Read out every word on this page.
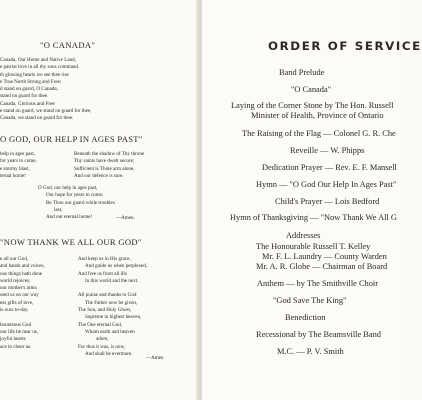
"O CANADA"
Canada, Our Home and Native Land,
e patriot love in all thy sons command.
th glowing hearts we see thee rise
e True North Strong and Free;
d stand on guard, O Canada,
stand on guard for thee.
Canada, Glorious and Free
e stand on guard, we stand on guard for thee,
Canada, we stand on guard for thee.
O GOD, OUR HELP IN AGES PAST"
help in ages past,
for years to come,
e stormy blast,
ternal home!
Beneath the shadow of Thy throne
Thy saints have dwelt secure;
Sufficient is Thine arm alone,
And our defence is sure.
O God, our help in ages past,
Our hope for years to come;
Be Thou our guard while troubles
last,
And our eternal home!	—Amen.
"NOW THANK WE ALL OUR GOD"
e all our God,
and hands and voices,
ous things hath done
world rejoices;
our mother's arms
ssed us on our way
ess gifts of love,
is ours to-day.

bounteous God
our life be near us,
joyful hearts
ace to cheer us.
And keep us in His grace,
And guide us when perplexed,
And free us from all ills
In this world and the next.

All praise and thanks to God
The Father now be given,
The Son, and Holy Ghost,
Supreme in highest heaven,
The One eternal God,
Whom earth and heaven
adore,
For thus it was, is now,
And shall be evermore.
—Amen
ORDER OF SERVICE
Band Prelude
"O Canada"
Laying of the Corner Stone by The Hon. Russell
Minister of Health, Province of Ontario
The Raising of the Flag — Colonel G. R. Che
Reveille — W. Phipps
Dedication Prayer — Rev. E. F. Mansell
Hymn — "O God Our Help In Ages Past"
Child's Prayer — Lois Bedford
Hymn of Thanksgiving — "Now Thank We All G
Addresses
The Honourable Russell T. Kelley
Mr. F. L. Laundry — County Warden
Mr. A. R. Globe — Chairman of Board
Anthem — by The Smithville Choir
"God Save The King"
Benediction
Recessional by The Beamsville Band
M.C. — P. V. Smith
